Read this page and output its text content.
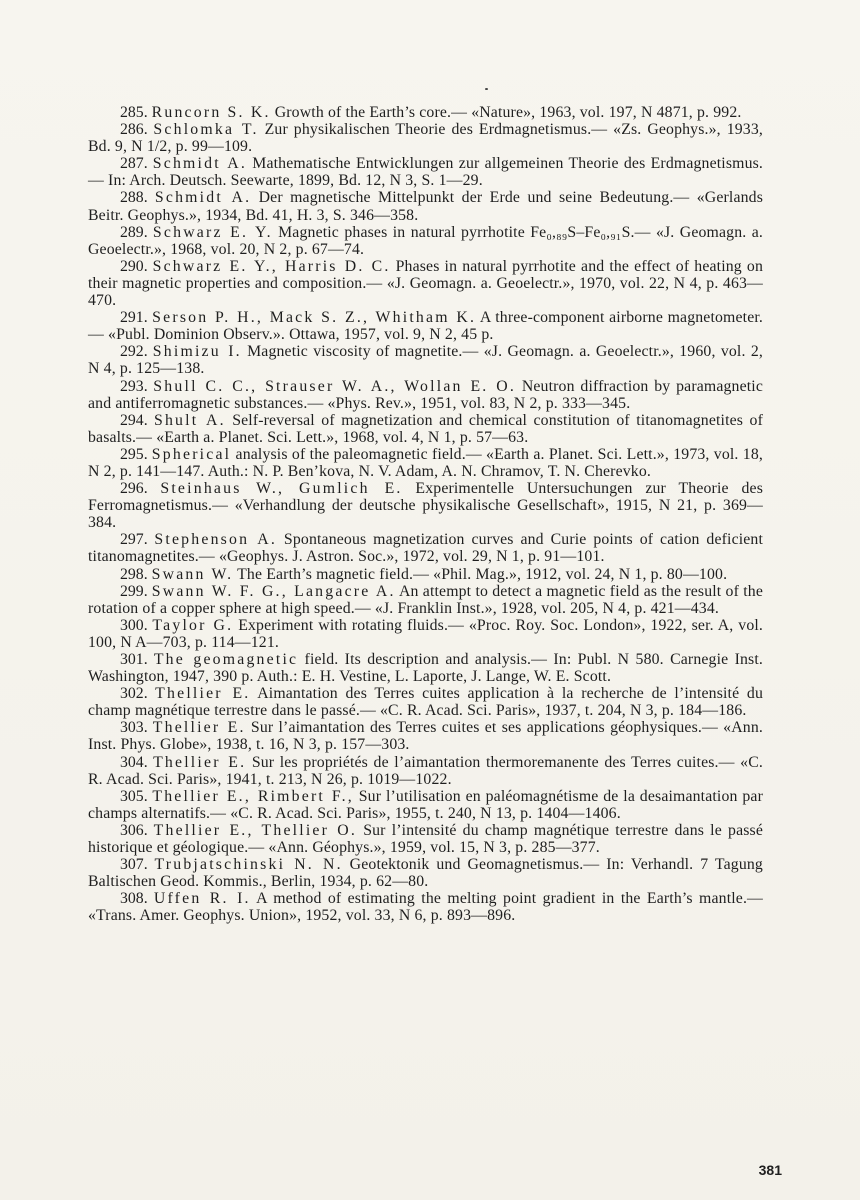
285. Runcorn S. K. Growth of the Earth’s core.— «Nature», 1963, vol. 197, N 4871, p. 992.

286. Schlomka T. Zur physikalischen Theorie des Erdmagnetismus.— «Zs. Geophys.», 1933, Bd. 9, N 1/2, p. 99—109.

287. Schmidt A. Mathematische Entwicklungen zur allgemeinen Theorie des Erdmagnetismus.— In: Arch. Deutsch. Seewarte, 1899, Bd. 12, N 3, S. 1—29.

288. Schmidt A. Der magnetische Mittelpunkt der Erde und seine Bedeutung.— «Gerlands Beitr. Geophys.», 1934, Bd. 41, H. 3, S. 346—358.

289. Schwarz E. Y. Magnetic phases in natural pyrrhotite Fe₀,₈₉S–Fe₀,₉₁S.— «J. Geomagn. a. Geoelectr.», 1968, vol. 20, N 2, p. 67—74.

290. Schwarz E. Y., Harris D. C. Phases in natural pyrrhotite and the effect of heating on their magnetic properties and composition.— «J. Geomagn. a. Geoelectr.», 1970, vol. 22, N 4, p. 463—470.

291. Serson P. H., Mack S. Z., Whitham K. A three-component airborne magnetometer.— «Publ. Dominion Observ.». Ottawa, 1957, vol. 9, N 2, 45 p.

292. Shimizu I. Magnetic viscosity of magnetite.— «J. Geomagn. a. Geoelectr.», 1960, vol. 2, N 4, p. 125—138.

293. Shull C. C., Strauser W. A., Wollan E. O. Neutron diffraction by paramagnetic and antiferromagnetic substances.— «Phys. Rev.», 1951, vol. 83, N 2, p. 333—345.

294. Shult A. Self-reversal of magnetization and chemical constitution of titanomagnetites of basalts.— «Earth a. Planet. Sci. Lett.», 1968, vol. 4, N 1, p. 57—63.

295. Spherical analysis of the paleomagnetic field.— «Earth a. Planet. Sci. Lett.», 1973, vol. 18, N 2, p. 141—147. Auth.: N. P. Ben’kova, N. V. Adam, A. N. Chramov, T. N. Cherevko.

296. Steinhaus W., Gumlich E. Experimentelle Untersuchungen zur Theorie des Ferromagnetismus.— «Verhandlung der deutsche physikalische Gesellschaft», 1915, N 21, p. 369—384.

297. Stephenson A. Spontaneous magnetization curves and Curie points of cation deficient titanomagnetites.— «Geophys. J. Astron. Soc.», 1972, vol. 29, N 1, p. 91—101.

298. Swann W. The Earth’s magnetic field.— «Phil. Mag.», 1912, vol. 24, N 1, p. 80—100.

299. Swann W. F. G., Langacre A. An attempt to detect a magnetic field as the result of the rotation of a copper sphere at high speed.— «J. Franklin Inst.», 1928, vol. 205, N 4, p. 421—434.

300. Taylor G. Experiment with rotating fluids.— «Proc. Roy. Soc. London», 1922, ser. A, vol. 100, N A—703, p. 114—121.

301. The geomagnetic field. Its description and analysis.— In: Publ. N 580. Carnegie Inst. Washington, 1947, 390 p. Auth.: E. H. Vestine, L. Laporte, J. Lange, W. E. Scott.

302. Thellier E. Aimantation des Terres cuites application à la recherche de l’intensité du champ magnétique terrestre dans le passé.— «C. R. Acad. Sci. Paris», 1937, t. 204, N 3, p. 184—186.

303. Thellier E. Sur l’aimantation des Terres cuites et ses applications géophysiques.— «Ann. Inst. Phys. Globe», 1938, t. 16, N 3, p. 157—303.

304. Thellier E. Sur les propriétés de l’aimantation thermoremanente des Terres cuites.— «C. R. Acad. Sci. Paris», 1941, t. 213, N 26, p. 1019—1022.

305. Thellier E., Rimbert F., Sur l’utilisation en paléomagnétisme de la desaimantation par champs alternatifs.— «C. R. Acad. Sci. Paris», 1955, t. 240, N 13, p. 1404—1406.

306. Thellier E., Thellier O. Sur l’intensité du champ magnétique terrestre dans le passé historique et géologique.— «Ann. Géophys.», 1959, vol. 15, N 3, p. 285—377.

307. Trubjatschinski N. N. Geotektonik und Geomagnetismus.— In: Verhandl. 7 Tagung Baltischen Geod. Kommis., Berlin, 1934, p. 62—80.

308. Uffen R. I. A method of estimating the melting point gradient in the Earth’s mantle.— «Trans. Amer. Geophys. Union», 1952, vol. 33, N 6, p. 893—896.

381
